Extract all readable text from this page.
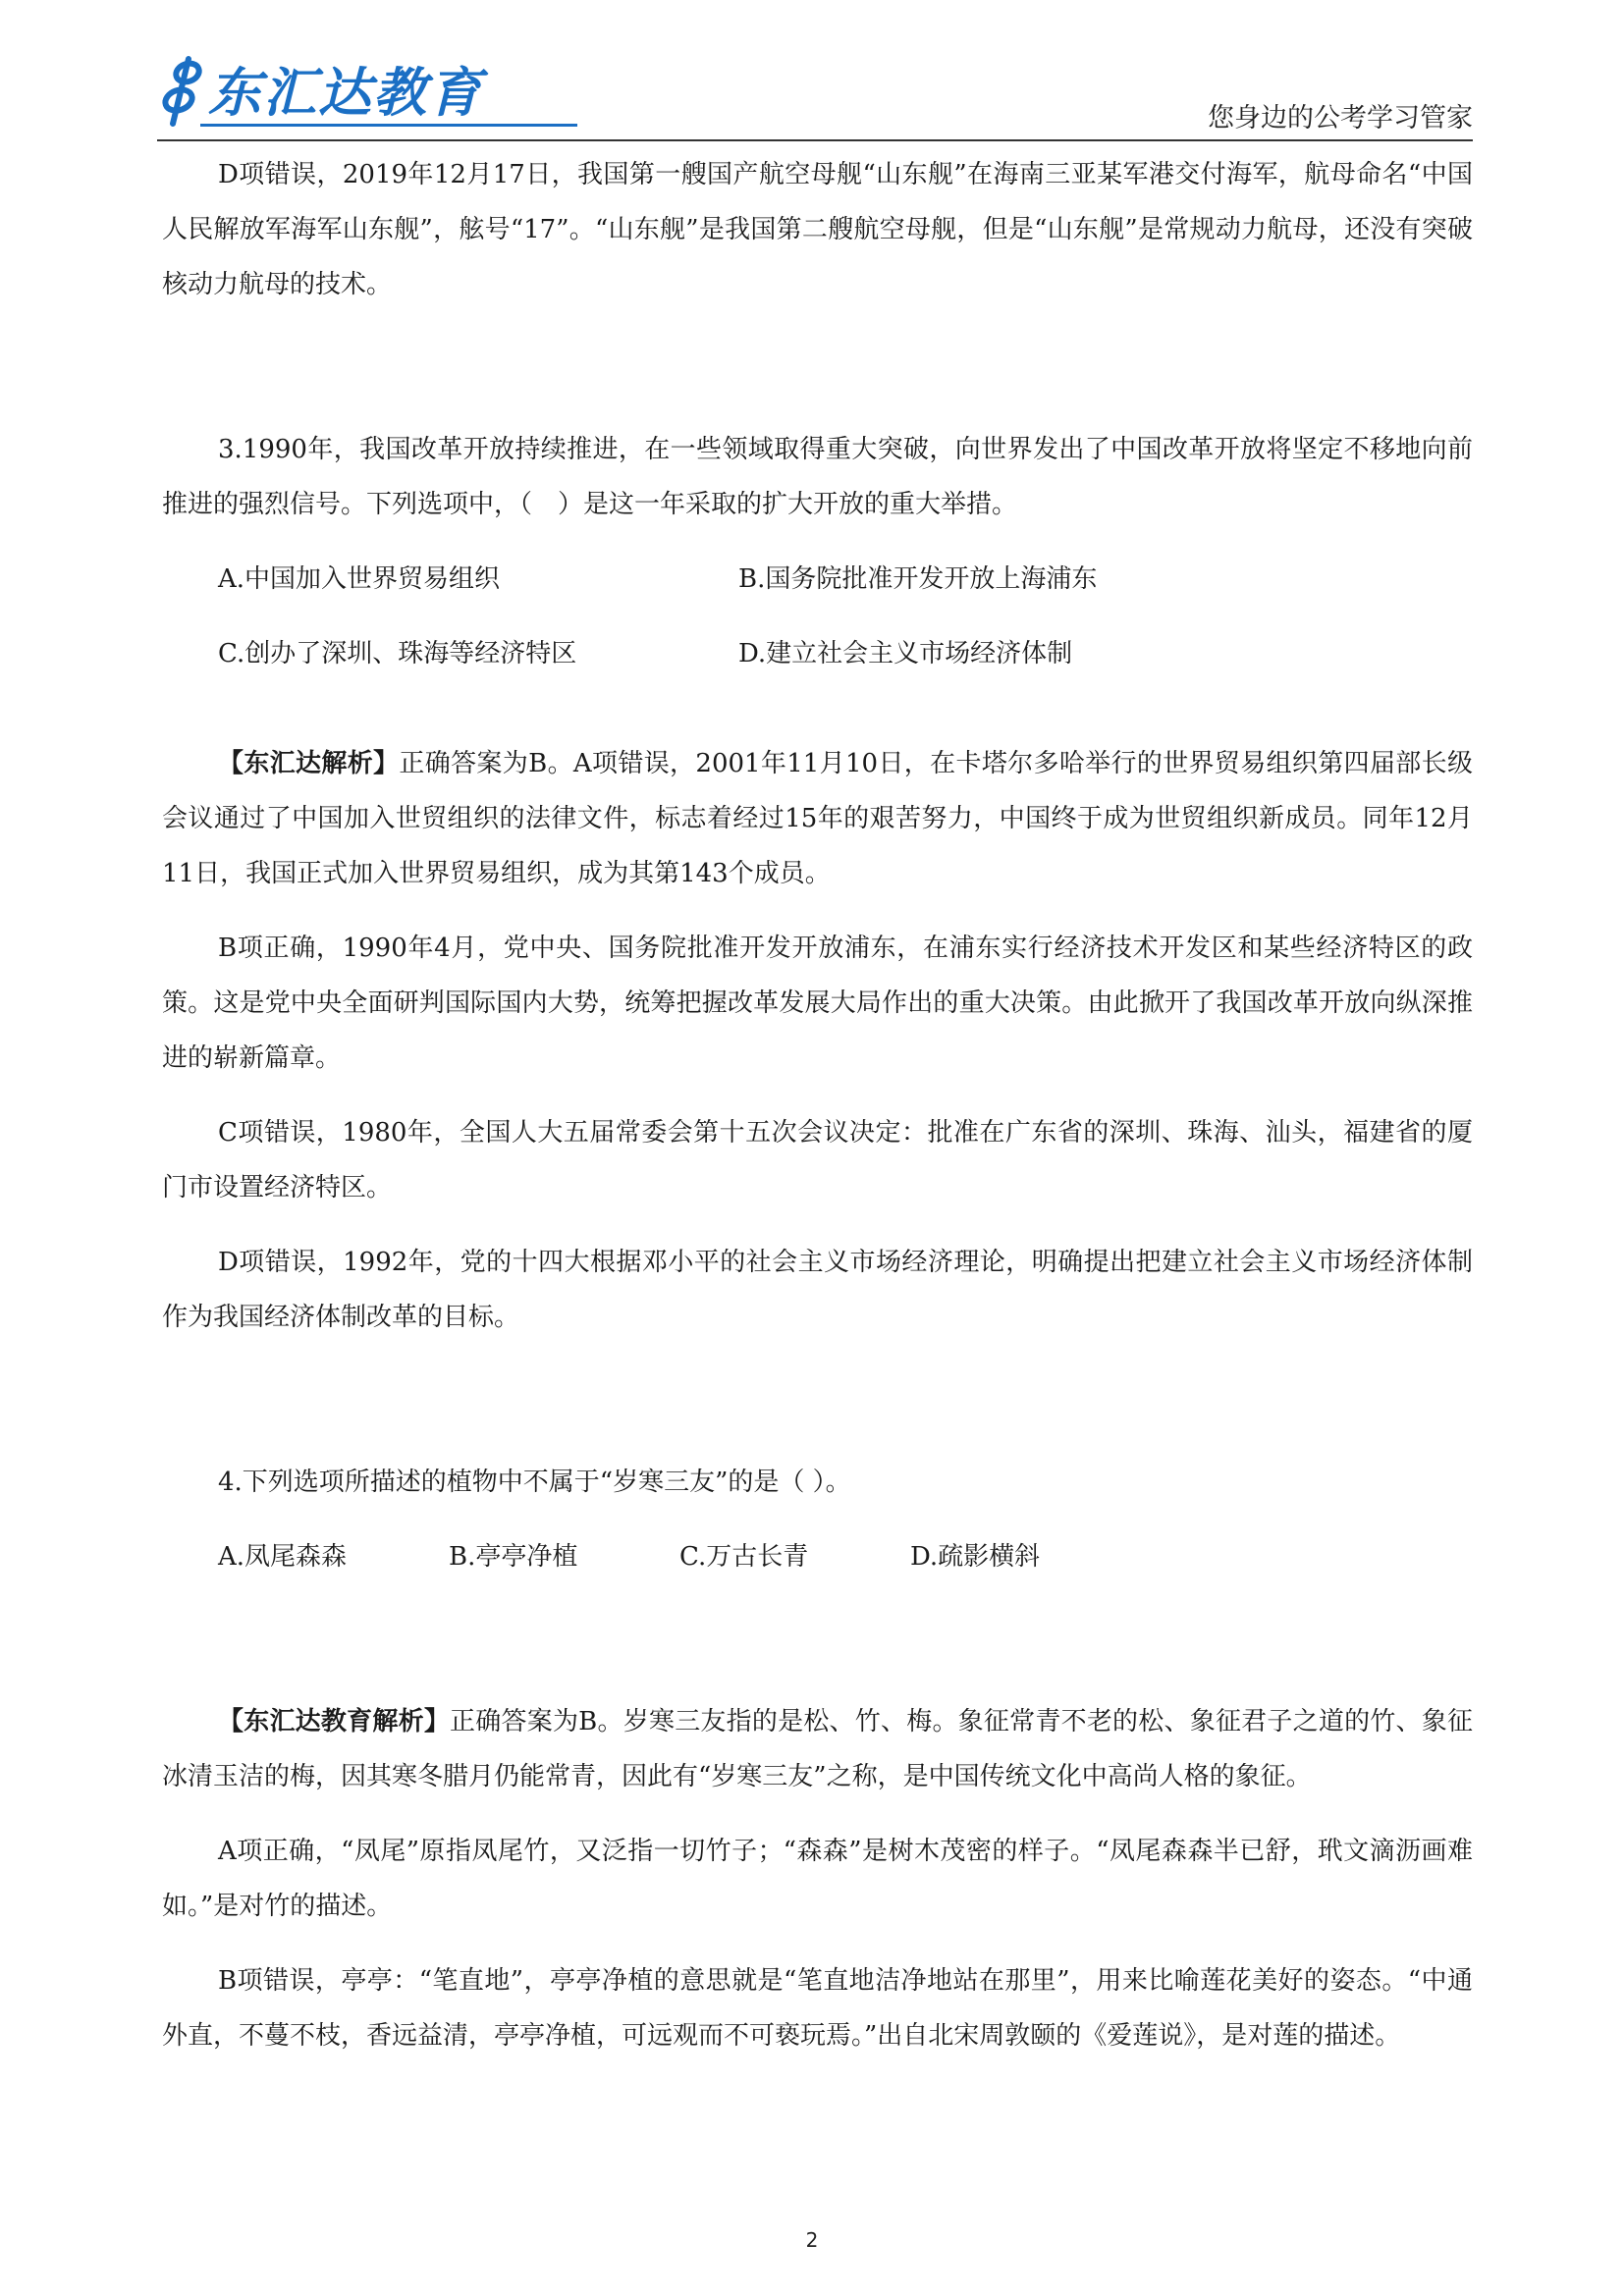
东汇达教育	您身边的公考学习管家

D项错误，2019年12月17日，我国第一艘国产航空母舰“山东舰”在海南三亚某军港交付海军，航母命名“中国人民解放军海军山东舰”，舷号“17”。“山东舰”是我国第二艘航空母舰，但是“山东舰”是常规动力航母，还没有突破核动力航母的技术。

3.1990年，我国改革开放持续推进，在一些领域取得重大突破，向世界发出了中国改革开放将坚定不移地向前推进的强烈信号。下列选项中，（　）是这一年采取的扩大开放的重大举措。

A.中国加入世界贸易组织	B.国务院批准开发开放上海浦东
C.创办了深圳、珠海等经济特区	D.建立社会主义市场经济体制

【东汇达解析】正确答案为B。A项错误，2001年11月10日，在卡塔尔多哈举行的世界贸易组织第四届部长级会议通过了中国加入世贸组织的法律文件，标志着经过15年的艰苦努力，中国终于成为世贸组织新成员。同年12月11日，我国正式加入世界贸易组织，成为其第143个成员。

B项正确，1990年4月，党中央、国务院批准开发开放浦东，在浦东实行经济技术开发区和某些经济特区的政策。这是党中央全面研判国际国内大势，统筹把握改革发展大局作出的重大决策。由此掀开了我国改革开放向纵深推进的崭新篇章。

C项错误，1980年，全国人大五届常委会第十五次会议决定：批准在广东省的深圳、珠海、汕头，福建省的厦门市设置经济特区。

D项错误，1992年，党的十四大根据邓小平的社会主义市场经济理论，明确提出把建立社会主义市场经济体制作为我国经济体制改革的目标。

4.下列选项所描述的植物中不属于“岁寒三友”的是（ ）。

A.凤尾森森	B.亭亭净植	C.万古长青	D.疏影横斜

【东汇达教育解析】正确答案为B。岁寒三友指的是松、竹、梅。象征常青不老的松、象征君子之道的竹、象征冰清玉洁的梅，因其寒冬腊月仍能常青，因此有“岁寒三友”之称，是中国传统文化中高尚人格的象征。

A项正确，“凤尾”原指凤尾竹，又泛指一切竹子；“森森”是树木茂密的样子。“凤尾森森半已舒，玳文滴沥画难如。”是对竹的描述。

B项错误，亭亭：“笔直地”，亭亭净植的意思就是“笔直地洁净地站在那里”，用来比喻莲花美好的姿态。“中通外直，不蔓不枝，香远益清，亭亭净植，可远观而不可亵玩焉。”出自北宋周敦颐的《爱莲说》，是对莲的描述。

2
